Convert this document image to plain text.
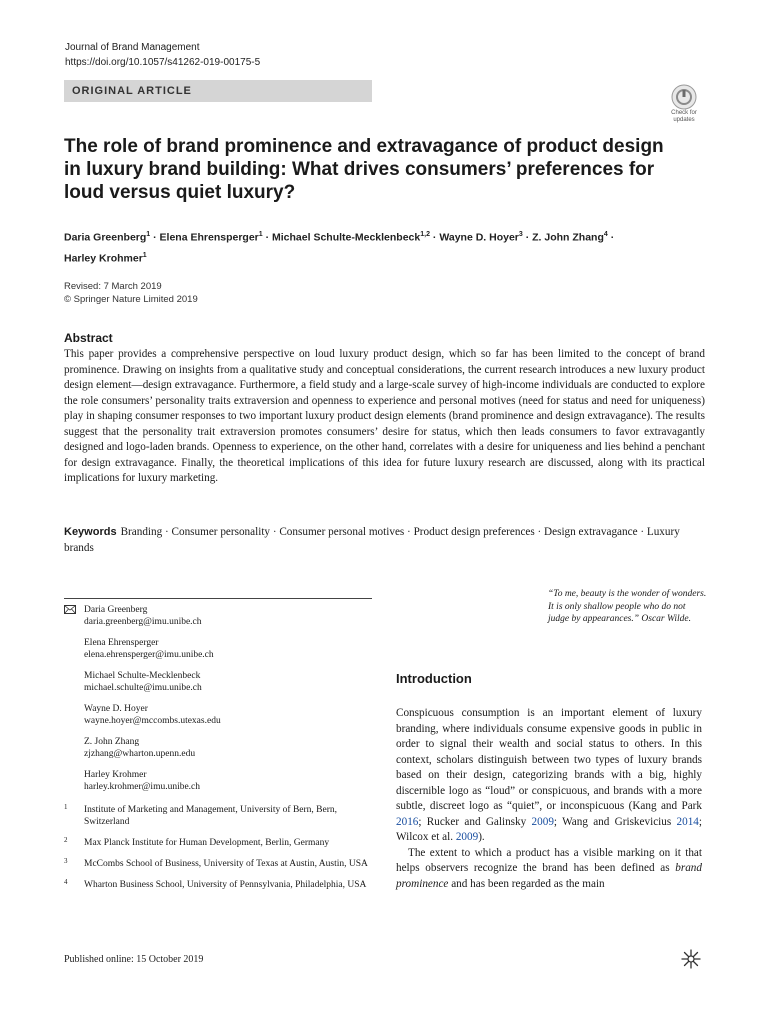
Journal of Brand Management
https://doi.org/10.1057/s41262-019-00175-5
ORIGINAL ARTICLE
Check for
updates
The role of brand prominence and extravagance of product design in luxury brand building: What drives consumers’ preferences for loud versus quiet luxury?
Daria Greenberg$^1$ · Elena Ehrensperger$^1$ · Michael Schulte-Mecklenbeck$^{1,2}$ · Wayne D. Hoyer$^3$ · Z. John Zhang$^4$ ·
Harley Krohmer$^1$
Revised: 7 March 2019
© Springer Nature Limited 2019
Abstract

This paper provides a comprehensive perspective on loud luxury product design, which so far has been limited to the concept of brand prominence. Drawing on insights from a qualitative study and conceptual considerations, the current research introduces a new luxury product design element—design extravagance. Furthermore, a field study and a large-scale survey of high-income individuals are conducted to explore the role consumers’ personality traits extraversion and openness to experience and personal motives (need for status and need for uniqueness) play in shaping consumer responses to two important luxury product design elements (brand prominence and design extravagance). The results suggest that the personality trait extraversion promotes consumers’ desire for status, which then leads consumers to favor extravagantly designed and logo-laden brands. Openness to experience, on the other hand, correlates with a desire for uniqueness and lies behind a penchant for design extravagance. Finally, the theoretical implications of this idea for future luxury research are discussed, along with its practical implications for luxury marketing.

Keywords Branding · Consumer personality · Consumer personal motives · Product design preferences · Design extravagance · Luxury brands

Daria Greenberg
daria.greenberg@imu.unibe.ch
Elena Ehrensperger
elena.ehrensperger@imu.unibe.ch
Michael Schulte-Mecklenbeck
michael.schulte@imu.unibe.ch
Wayne D. Hoyer
wayne.hoyer@mccombs.utexas.edu
Z. John Zhang
zjzhang@wharton.upenn.edu
Harley Krohmer
harley.krohmer@imu.unibe.ch
1 Institute of Marketing and Management, University of Bern, Bern, Switzerland
2 Max Planck Institute for Human Development, Berlin, Germany
3 McCombs School of Business, University of Texas at Austin, Austin, USA
4 Wharton Business School, University of Pennsylvania, Philadelphia, USA

“To me, beauty is the wonder of wonders. It is only shallow people who do not judge by appearances.” Oscar Wilde.

Introduction

Conspicuous consumption is an important element of luxury branding, where individuals consume expensive goods in public in order to signal their wealth and social status to others. In this context, scholars distinguish between two types of luxury brands based on their design, categorizing brands with a big, highly discernible logo as “loud” or conspicuous, and brands with a more subtle, discreet logo as “quiet”, or inconspicuous (Kang and Park 2016; Rucker and Galinsky 2009; Wang and Griskevicius 2014; Wilcox et al. 2009).

The extent to which a product has a visible marking on it that helps observers recognize the brand has been defined as brand prominence and has been regarded as the main

Published online: 15 October 2019
